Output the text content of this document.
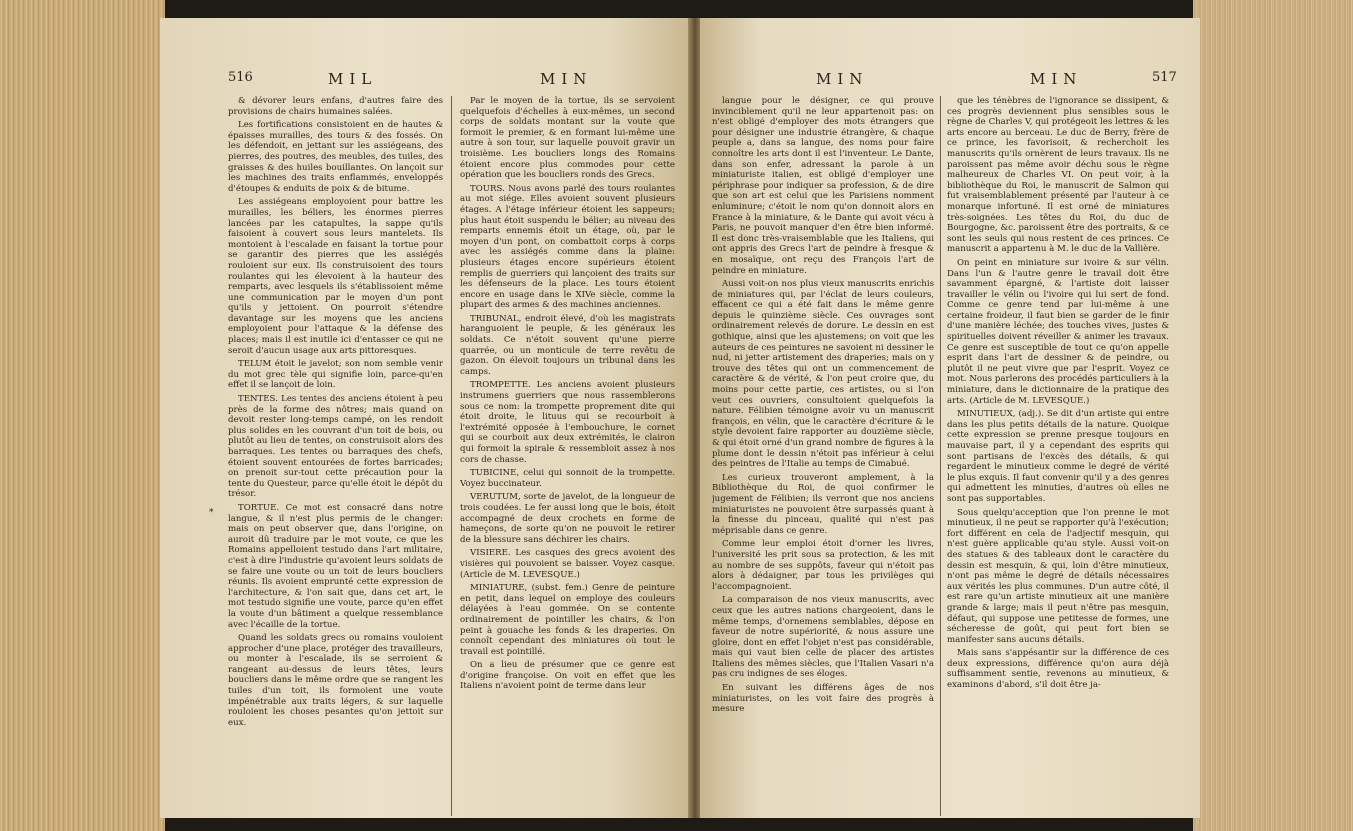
516	MIL	MIN

& dévorer leurs enfans, d'autres faire des provisions de chairs humaines salées.

Les fortifications consistoient en de hautes & épaisses murailles, des tours & des fossés. On les défendoit, en jettant sur les assiégeans, des pierres, des poutres, des meubles, des tuiles, des graisses & des huiles bouillantes. On lançoit sur les machines des traits enflammés, enveloppés d'étoupes & enduits de poix & de bitume.

Les assiégeans employoient pour battre les murailles, les béliers, les énormes pierres lancées par les catapultes, la sappe qu'ils faisoient à couvert sous leurs mantelets. Ils montoient à l'escalade en faisant la tortue pour se garantir des pierres que les assiégés rouloient sur eux. Ils construisoient des tours roulantes qui les élevoient à la hauteur des remparts, avec lesquels ils s'établissoient même une communication par le moyen d'un pont qu'ils y jettoient. On pourroit s'étendre davantage sur les moyens que les anciens employoient pour l'attaque & la défense des places; mais il est inutile ici d'entasser ce qui ne seroit d'aucun usage aux arts pittoresques.

TELUM étoit le javelot; son nom semble venir du mot grec tèle qui signifie loin, parce-qu'en effet il se lançoit de loin.

TENTES. Les tentes des anciens étoient à peu près de la forme des nôtres; mais quand on devoit rester long-temps campé, on les rendoit plus solides en les couvrant d'un toit de bois, ou plutôt au lieu de tentes, on construisoit alors des barraques. Les tentes ou barraques des chefs, étoient souvent entourées de fortes barricades; on prenoit sur-tout cette précaution pour la tente du Questeur, parce qu'elle étoit le dépôt du trésor.

TORTUE. Ce mot est consacré dans notre langue, & il n'est plus permis de le changer: mais on peut observer que, dans l'origine, on auroit dû traduire par le mot voute, ce que les Romains appelloient testudo dans l'art militaire, c'est à dire l'industrie qu'avoient leurs soldats de se faire une voute ou un toit de leurs boucliers réunis. Ils avoient emprunté cette expression de l'architecture, & l'on sait que, dans cet art, le mot testudo signifie une voute, parce qu'en effet la voute d'un bâtiment a quelque ressemblance avec l'écaille de la tortue.

Quand les soldats grecs ou romains vouloient approcher d'une place, protéger des travailleurs, ou monter à l'escalade, ils se serroient & rangeant au-dessus de leurs têtes, leurs boucliers dans le même ordre que se rangent les tuiles d'un toit, ils formoient une voute impénétrable aux traits légers, & sur laquelle rouloient les choses pesantes qu'on jettoit sur eux.

Par le moyen de la tortue, ils se servoient quelquefois d'échelles à eux-mêmes, un second corps de soldats montant sur la voute que formoit le premier, & en formant lui-même une autre à son tour, sur laquelle pouvoit gravir un troisième. Les boucliers longs des Romains étoient encore plus commodes pour cette opération que les boucliers ronds des Grecs.

TOURS. Nous avons parlé des tours roulantes au mot siége. Elles avoient souvent plusieurs étages. A l'étage inférieur étoient les sappeurs; plus haut étoit suspendu le bélier; au niveau des remparts ennemis étoit un étage, où, par le moyen d'un pont, on combattoit corps à corps avec les assiégés comme dans la plaine: plusieurs étages encore supérieurs étoient remplis de guerriers qui lançoient des traits sur les défenseurs de la place. Les tours étoient encore en usage dans le XIVe siècle, comme la plupart des armes & des machines anciennes.

TRIBUNAL, endroit élevé, d'où les magistrats haranguoient le peuple, & les généraux les soldats. Ce n'étoit souvent qu'une pierre quarrée, ou un monticule de terre revêtu de gazon. On élevoit toujours un tribunal dans les camps.

TROMPETTE. Les anciens avoient plusieurs instrumens guerriers que nous rassemblerons sous ce nom: la trompette proprement dite qui étoit droite, le lituus qui se recourboit à l'extrémité opposée à l'embouchure, le cornet qui se courboit aux deux extrémités, le clairon qui formoit la spirale & ressembloit assez à nos cors de chasse.

TUBICINE, celui qui sonnoit de la trompette. Voyez buccinateur.

VERUTUM, sorte de javelot, de la longueur de trois coudées. Le fer aussi long que le bois, étoit accompagné de deux crochets en forme de hameçons, de sorte qu'on ne pouvoit le retirer de la blessure sans déchirer les chairs.

VISIERE. Les casques des grecs avoient des visières qui pouvoient se baisser. Voyez casque. (Article de M. LEVESQUE.)

MINIATURE, (subst. fem.) Genre de peinture en petit, dans lequel on employe des couleurs délayées à l'eau gommée. On se contente ordinairement de pointiller les chairs, & l'on peint à gouache les fonds & les draperies. On connoît cependant des miniatures où tout le travail est pointillé.

On a lieu de présumer que ce genre est d'origine françoise. On voit en effet que les Italiens n'avoient point de terme dans leur

MIN	MIN	517

langue pour le désigner, ce qui prouve invinciblement qu'il ne leur appartenoit pas: on n'est obligé d'employer des mots étrangers que pour désigner une industrie étrangère, & chaque peuple a, dans sa langue, des noms pour faire connoître les arts dont il est l'inventeur. Le Dante, dans son enfer, adressant la parole à un miniaturiste italien, est obligé d'employer une périphrase pour indiquer sa profession, & de dire que son art est celui que les Parisiens nomment enluminure; c'étoit le nom qu'on donnoit alors en France à la miniature, & le Dante qui avoit vécu à Paris, ne pouvoit manquer d'en être bien informé. Il est donc très-vraisemblable que les Italiens, qui ont appris des Grecs l'art de peindre à fresque & en mosaïque, ont reçu des François l'art de peindre en miniature.

Aussi voit-on nos plus vieux manuscrits enrichis de miniatures qui, par l'éclat de leurs couleurs, effacent ce qui a été fait dans le même genre depuis le quinzième siècle. Ces ouvrages sont ordinairement relevés de dorure. Le dessin en est gothique, ainsi que les ajustemens; on voit que les auteurs de ces peintures ne savoient ni dessiner le nud, ni jetter artistement des draperies; mais on y trouve des têtes qui ont un commencement de caractère & de vérité, & l'on peut croire que, du moins pour cette partie, ces artistes, ou si l'on veut ces ouvriers, consultoient quelquefois la nature. Félibien témoigne avoir vu un manuscrit françois, en vélin, que le caractère d'écriture & le style devoient faire rapporter au douzième siècle, & qui étoit orné d'un grand nombre de figures à la plume dont le dessin n'étoit pas inférieur à celui des peintres de l'Italie au temps de Cimabué.

Les curieux trouveront amplement, à la Bibliothèque du Roi, de quoi confirmer le jugement de Félibien; ils verront que nos anciens miniaturistes ne pouvoient être surpassés quant à la finesse du pinceau, qualité qui n'est pas méprisable dans ce genre.

Comme leur emploi étoit d'orner les livres, l'université les prit sous sa protection, & les mit au nombre de ses suppôts, faveur qui n'étoit pas alors à dédaigner, par tous les privilèges qui l'accompagnoient.

La comparaison de nos vieux manuscrits, avec ceux que les autres nations chargeoient, dans le même temps, d'ornemens semblables, dépose en faveur de notre supériorité, & nous assure une gloire, dont en effet l'objet n'est pas considérable, mais qui vaut bien celle de placer des artistes Italiens des mêmes siècles, que l'Italien Vasari n'a pas cru indignes de ses éloges.

En suivant les différens âges de nos miniaturistes, on les voit faire des progrès à mesure

que les ténèbres de l'ignorance se dissipent, & ces progrès deviennent plus sensibles sous le règne de Charles V, qui protégeoit les lettres & les arts encore au berceau. Le duc de Berry, frère de ce prince, les favorisoit, & recherchoit les manuscrits qu'ils ornèrent de leurs travaux. Ils ne paroissent pas même avoir déchu sous le règne malheureux de Charles VI. On peut voir, à la bibliothèque du Roi, le manuscrit de Salmon qui fut vraisemblablement présenté par l'auteur à ce monarque infortuné. Il est orné de miniatures très-soignées. Les têtes du Roi, du duc de Bourgogne, &c. paroissent être des portraits, & ce sont les seuls qui nous restent de ces princes. Ce manuscrit a appartenu à M. le duc de la Vallière.

On peint en miniature sur ivoire & sur vélin. Dans l'un & l'autre genre le travail doit être savamment épargné, & l'artiste doit laisser travailler le vélin ou l'ivoire qui lui sert de fond. Comme ce genre tend par lui-même à une certaine froideur, il faut bien se garder de le finir d'une manière léchée; des touches vives, justes & spirituelles doivent réveiller & animer les travaux. Ce genre est susceptible de tout ce qu'on appelle esprit dans l'art de dessiner & de peindre, ou plutôt il ne peut vivre que par l'esprit. Voyez ce mot. Nous parlerons des procédés particuliers à la miniature, dans le dictionnaire de la pratique des arts. (Article de M. LEVESQUE.)

MINUTIEUX, (adj.). Se dit d'un artiste qui entre dans les plus petits détails de la nature. Quoique cette expression se prenne presque toujours en mauvaise part, il y a cependant des esprits qui sont partisans de l'excès des détails, & qui regardent le minutieux comme le degré de vérité le plus exquis. Il faut convenir qu'il y a des genres qui admettent les minuties, d'autres où elles ne sont pas supportables.

Sous quelqu'acception que l'on prenne le mot minutieux, il ne peut se rapporter qu'à l'exécution; fort différent en cela de l'adjectif mesquin, qui n'est guère applicable qu'au style. Aussi voit-on des statues & des tableaux dont le caractère du dessin est mesquin, & qui, loin d'être minutieux, n'ont pas même le degré de détails nécessaires aux vérités les plus communes. D'un autre côté, il est rare qu'un artiste minutieux ait une manière grande & large; mais il peut n'être pas mesquin, défaut, qui suppose une petitesse de formes, une sécheresse de goût, qui peut fort bien se manifester sans aucuns détails.

Mais sans s'appésantir sur la différence de ces deux expressions, différence qu'on aura déjà suffisamment sentie, revenons au minutieux, & examinons d'abord, s'il doit être ja-

*
